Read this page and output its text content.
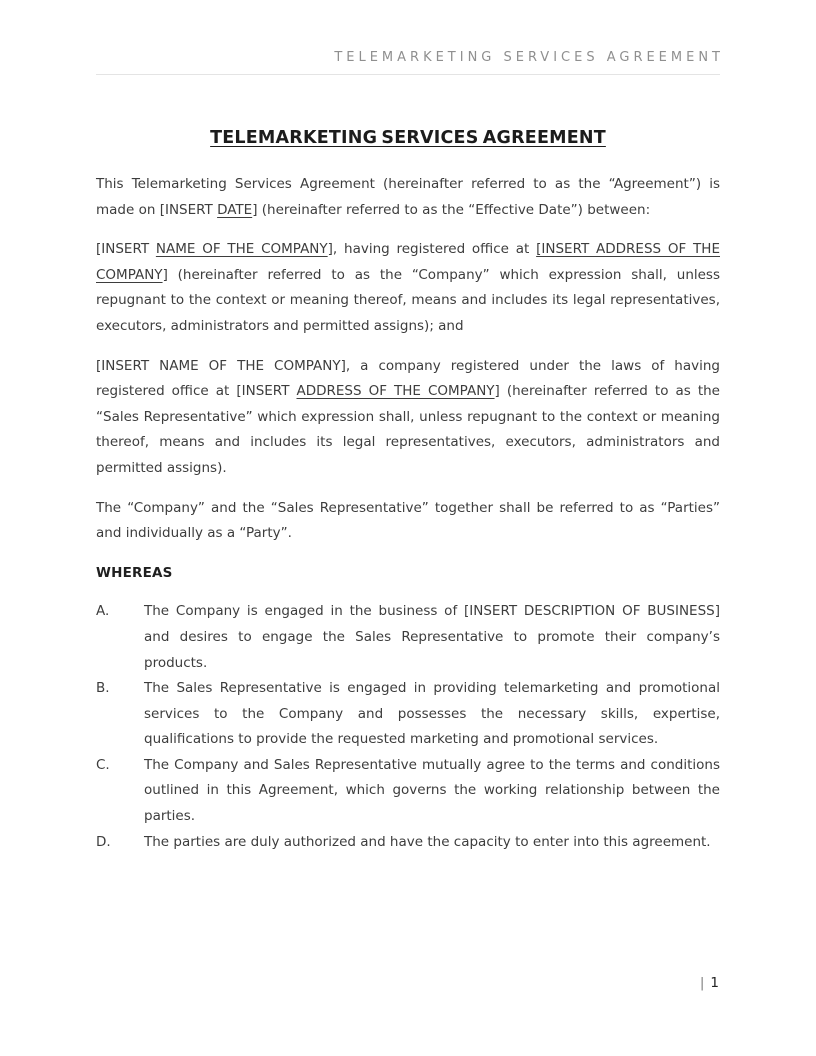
TELEMARKETING SERVICES AGREEMENT
TELEMARKETING SERVICES AGREEMENT

This Telemarketing Services Agreement (hereinafter referred to as the “Agreement”) is made on [INSERT DATE] (hereinafter referred to as the “Effective Date”) between:

[INSERT NAME OF THE COMPANY], having registered office at [INSERT ADDRESS OF THE COMPANY] (hereinafter referred to as the “Company” which expression shall, unless repugnant to the context or meaning thereof, means and includes its legal representatives, executors, administrators and permitted assigns); and

[INSERT NAME OF THE COMPANY], a company registered under the laws of having registered office at [INSERT ADDRESS OF THE COMPANY] (hereinafter referred to as the “Sales Representative” which expression shall, unless repugnant to the context or meaning thereof, means and includes its legal representatives, executors, administrators and permitted assigns).

The “Company” and the “Sales Representative” together shall be referred to as “Parties” and individually as a “Party”.

WHEREAS
A.	The Company is engaged in the business of [INSERT DESCRIPTION OF BUSINESS] and desires to engage the Sales Representative to promote their company’s products.
B.	The Sales Representative is engaged in providing telemarketing and promotional services to the Company and possesses the necessary skills, expertise, qualifications to provide the requested marketing and promotional services.
C.	The Company and Sales Representative mutually agree to the terms and conditions outlined in this Agreement, which governs the working relationship between the parties.
D.	The parties are duly authorized and have the capacity to enter into this agreement.
| 1
